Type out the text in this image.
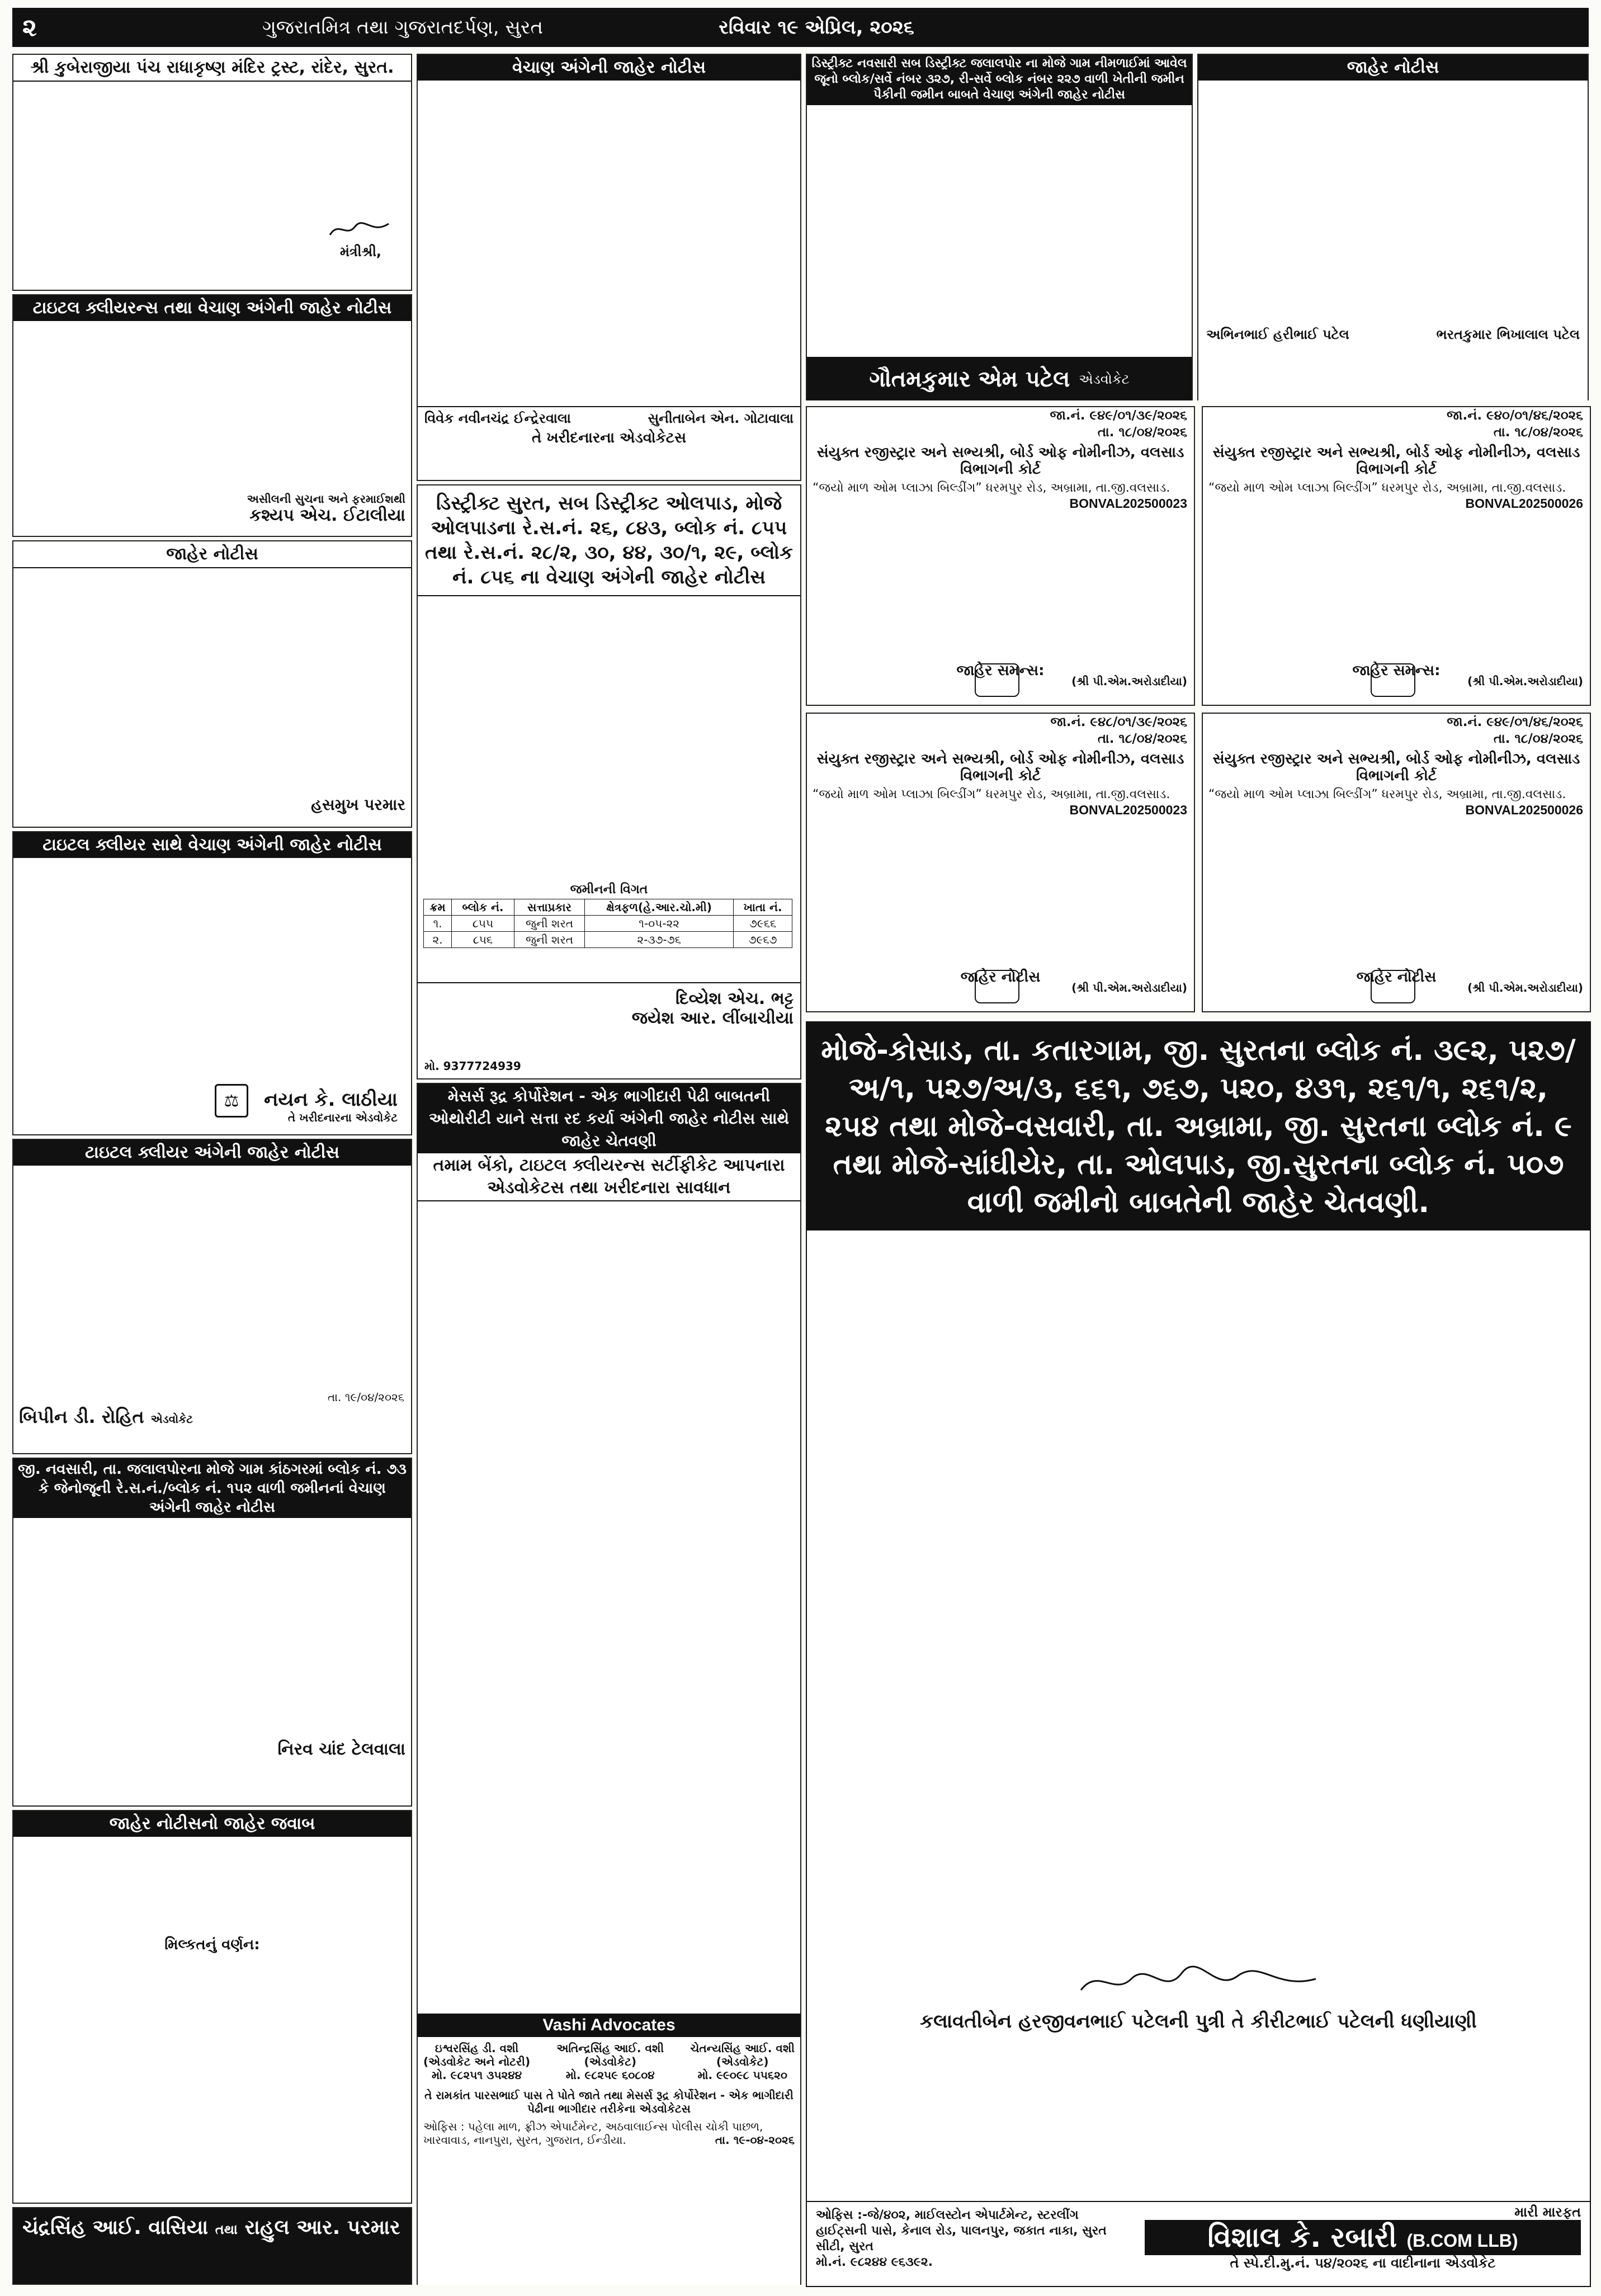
૨	ગુજરાતમિત્ર તથા ગુજરાતદર્પણ, સુરત	રવિવાર ૧૯ એપ્રિલ, ૨૦૨૬
શ્રી કુબેરાજીયા પંચ રાધાકૃષ્ણ મંદિર ટ્રસ્ટ, રાંદેર, સુરત.

મંત્રીશ્રી,
ટાઇટલ ક્લીયરન્સ તથા વેચાણ અંગેની જાહેર નોટીસ

અસીલની સુચના અને ફરમાઈશથી
કશ્યપ એચ. ઈટાલીયા
જાહેર નોટીસ

હસમુખ પરમાર
ટાઇટલ ક્લીયર સાથે વેચાણ અંગેની જાહેર નોટીસ

⚖	નયન કે. લાઠીયા
તે ખરીદનારના એડવોકેટ
ટાઇટલ ક્લીયર અંગેની જાહેર નોટીસ

તા. ૧૯/૦૪/૨૦૨૬
બિપીન ડી. રોહિત એડવોકેટ
જી. નવસારી, તા. જલાલપોરના મોજે ગામ કાંઠગરમાં બ્લોક નં. ૭૩ કે જેનોજૂની રે.સ.નં./બ્લોક નં. ૧૫૨ વાળી જમીનનાં વેચાણ અંગેની જાહેર નોટીસ

નિરવ ચાંદ ટેલવાલા
જાહેર નોટીસનો જાહેર જવાબ

મિલ્કતનું વર્ણન:

ચંદ્રસિંહ આઈ. વાસિયા તથા રાહુલ આર. પરમાર
વેચાણ અંગેની જાહેર નોટીસ

વિવેક નવીનચંદ્ર ઈન્દ્રેરવાલા	સુનીતાબેન એન. ગોટાવાલા
તે ખરીદનારના એડવોકેટસ
ડિસ્ટ્રીક્ટ સુરત, સબ ડિસ્ટ્રીક્ટ ઓલપાડ, મોજે ઓલપાડના રે.સ.નં. ૨૬, ૮૪૩, બ્લોક નં. ૮૫૫ તથા રે.સ.નં. ૨૮/૨, ૩૦, ૪૪, ૩૦/૧, ૨૯, બ્લોક નં. ૮૫૬ ના વેચાણ અંગેની જાહેર નોટીસ

જમીનની વિગત
ક્રમ	બ્લોક નં.	સત્તાપ્રકાર	ક્ષેત્રફળ(હે.આર.ચો.મી)	ખાતા નં.
૧.	૮૫૫	જુની શરત	૧-૦૫-૨૨	૭૯૬૬
૨.	૮૫૬	જુની શરત	૨-૩૭-૭૬	૭૯૬૭
દિવ્યેશ એચ. ભટ્ટ
જયેશ આર. લીંબાચીયા
મો. 9377724939
મેસર્સ રૂદ્ર કોર્પોરેશન - એક ભાગીદારી પેઢી બાબતની ઓથોરીટી યાને સત્તા રદ કર્યા અંગેની જાહેર નોટીસ સાથે જાહેર ચેતવણી
તમામ બેંકો, ટાઇટલ ક્લીયરન્સ સર્ટીફીકેટ આપનારા એડવોકેટસ તથા ખરીદનારા સાવધાન

Vashi Advocates
ઇશ્વરસિંહ ડી. વશી
(એડવોકેટ અને નોટરી)
મો. ૯૮૨૫૧ ૩૫૨૪૪
અતિન્દ્રસિંહ આઈ. વશી
(એડવોકેટ)
મો. ૯૮૨૫૯ ૬૦૮૦૪
ચેતન્યસિંહ આઈ. વશી
(એડવોકેટ)
મો. ૯૯૦૯૮ ૫૫૬૨૦
તે રામકાંત પારસભાઈ પાસ તે પોતે જાતે તથા મેસર્સ રૂદ્ર કોર્પોરેશન - એક ભાગીદારી પેઢીના ભાગીદાર તરીકેના એડવોકેટસ
ઓફિસ : પહેલા માળ, ફ્રીઝ એપાર્ટમેન્ટ, અઠવાલાઈન્સ પોલીસ ચોકી પાછળ, ખારવાવાડ, નાનપુરા, સુરત, ગુજરાત, ઈન્ડીયા.	તા. ૧૯-૦૪-૨૦૨૬
ડિસ્ટ્રીક્ટ નવસારી સબ ડિસ્ટ્રીક્ટ જલાલપોર ના મોજે ગામ નીમળાઈમાં આવેલ જૂનો બ્લોક/સર્વે નંબર ૩૨૭, રી-સર્વે બ્લોક નંબર ૨૨૭ વાળી ખેતીની જમીન પૈકીની જમીન બાબતે વેચાણ અંગેની જાહેર નોટીસ

ગૌતમકુમાર એમ પટેલ એડવોકેટ
જાહેર નોટીસ

અભિનભાઈ હરીભાઈ પટેલ	ભરતકુમાર ભિખાલાલ પટેલ
જા.નં. ૯૪૯/૦૧/૩૯/૨૦૨૬
તા. ૧૮/૦૪/૨૦૨૬
સંયુક્ત રજીસ્ટ્રાર અને સભ્યશ્રી, બોર્ડ ઓફ નોમીનીઝ, વલસાડ વિભાગની કોર્ટ
“જયો માળ ઓમ પ્લાઝા બિલ્ડીંગ” ધરમપુર રોડ, અબ્રામા, તા.જી.વલસાડ.
BONVAL202500023
જાહેર સમન્સ:
(શ્રી પી.એમ.અરોડાદીયા)
જા.નં. ૯૪૦/૦૧/૪૬/૨૦૨૬
તા. ૧૮/૦૪/૨૦૨૬
સંયુક્ત રજીસ્ટ્રાર અને સભ્યશ્રી, બોર્ડ ઓફ નોમીનીઝ, વલસાડ વિભાગની કોર્ટ
“જયો માળ ઓમ પ્લાઝા બિલ્ડીંગ” ધરમપુર રોડ, અબ્રામા, તા.જી.વલસાડ.
BONVAL202500026
જાહેર સમન્સ:
(શ્રી પી.એમ.અરોડાદીયા)
જા.નં. ૯૪૮/૦૧/૩૯/૨૦૨૬
તા. ૧૮/૦૪/૨૦૨૬
સંયુક્ત રજીસ્ટ્રાર અને સભ્યશ્રી, બોર્ડ ઓફ નોમીનીઝ, વલસાડ વિભાગની કોર્ટ
“જયો માળ ઓમ પ્લાઝા બિલ્ડીંગ” ધરમપુર રોડ, અબ્રામા, તા.જી.વલસાડ.
BONVAL202500023
જાહેર નોટીસ
(શ્રી પી.એમ.અરોડાદીયા)
જા.નં. ૯૪૯/૦૧/૪૬/૨૦૨૬
તા. ૧૮/૦૪/૨૦૨૬
સંયુક્ત રજીસ્ટ્રાર અને સભ્યશ્રી, બોર્ડ ઓફ નોમીનીઝ, વલસાડ વિભાગની કોર્ટ
“જયો માળ ઓમ પ્લાઝા બિલ્ડીંગ” ધરમપુર રોડ, અબ્રામા, તા.જી.વલસાડ.
BONVAL202500026
જાહેર નોટીસ
(શ્રી પી.એમ.અરોડાદીયા)
મોજે-કોસાડ, તા. કતારગામ, જી. સુરતના બ્લોક નં. ૩૯૨, ૫૨૭/અ/૧, ૫૨૭/અ/૩, ૬૬૧, ૭૬૭, ૫૨૦, ૪૩૧, ૨૬૧/૧, ૨૬૧/૨, ૨૫૪ તથા મોજે-વસવારી, તા. અબ્રામા, જી. સુરતના બ્લોક નં. ૯ તથા મોજે-સાંઘીયેર, તા. ઓલપાડ, જી.સુરતના બ્લોક નં. ૫૦૭ વાળી જમીનો બાબતેની જાહેર ચેતવણી.

કલાવતીબેન હરજીવનભાઈ પટેલની પુત્રી તે કીરીટભાઈ પટેલની ધણીયાણી
ઓફિસ :-જે/૪૦૨, માઈલસ્ટોન એપાર્ટમેન્ટ, સ્ટરલીંગ હાઈટ્સની પાસે, કેનાલ રોડ, પાલનપુર, જકાત નાકા, સુરત સીટી, સુરત
મો.નં. ૯૮૨૪૪ ૯૬૩૯૨.
મારી મારફત
વિશાલ કે. રબારી (B.COM LLB)
તે સ્પે.દી.મુ.નં. ૫૪/૨૦૨૬ ના વાદીનાના એડવોકેટ
